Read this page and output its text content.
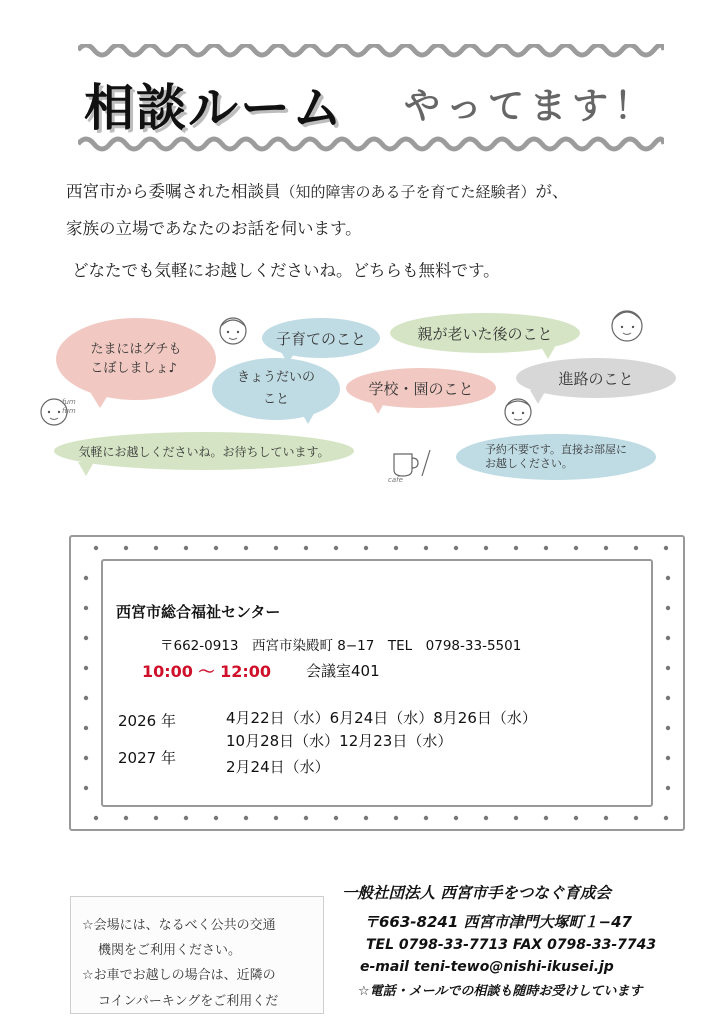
相談ルーム やってます！
西宮市から委嘱された相談員（知的障害のある子を育てた経験者）が、
家族の立場であなたのお話を伺います。
どなたでも気軽にお越しくださいね。どちらも無料です。
たまにはグチも
こぼしましょ♪
子育てのこと	親が老いた後のこと
きょうだいの
こと
学校・園のこと
進路のこと
気軽にお越しくださいね。お待ちしています。	予約不要です。直接お部屋に
お越しください。
fum fum
cafe
西宮市総合福祉センター
〒662-0913　西宮市染殿町 8−17　TEL　0798-33-5501
10:00 〜 12:00 会議室401
2026 年	4月22日（水）6月24日（水）8月26日（水）
10月28日（水）12月23日（水）
2027 年	2月24日（水）
☆会場には、なるべく公共の交通
機関をご利用ください。
☆お車でお越しの場合は、近隣の
コインパーキングをご利用くだ
一般社団法人 西宮市手をつなぐ育成会
〒663-8241 西宮市津門大塚町１−47
TEL 0798-33-7713 FAX 0798-33-7743
e-mail teni-tewo@nishi-ikusei.jp
☆電話・メールでの相談も随時お受けしています
